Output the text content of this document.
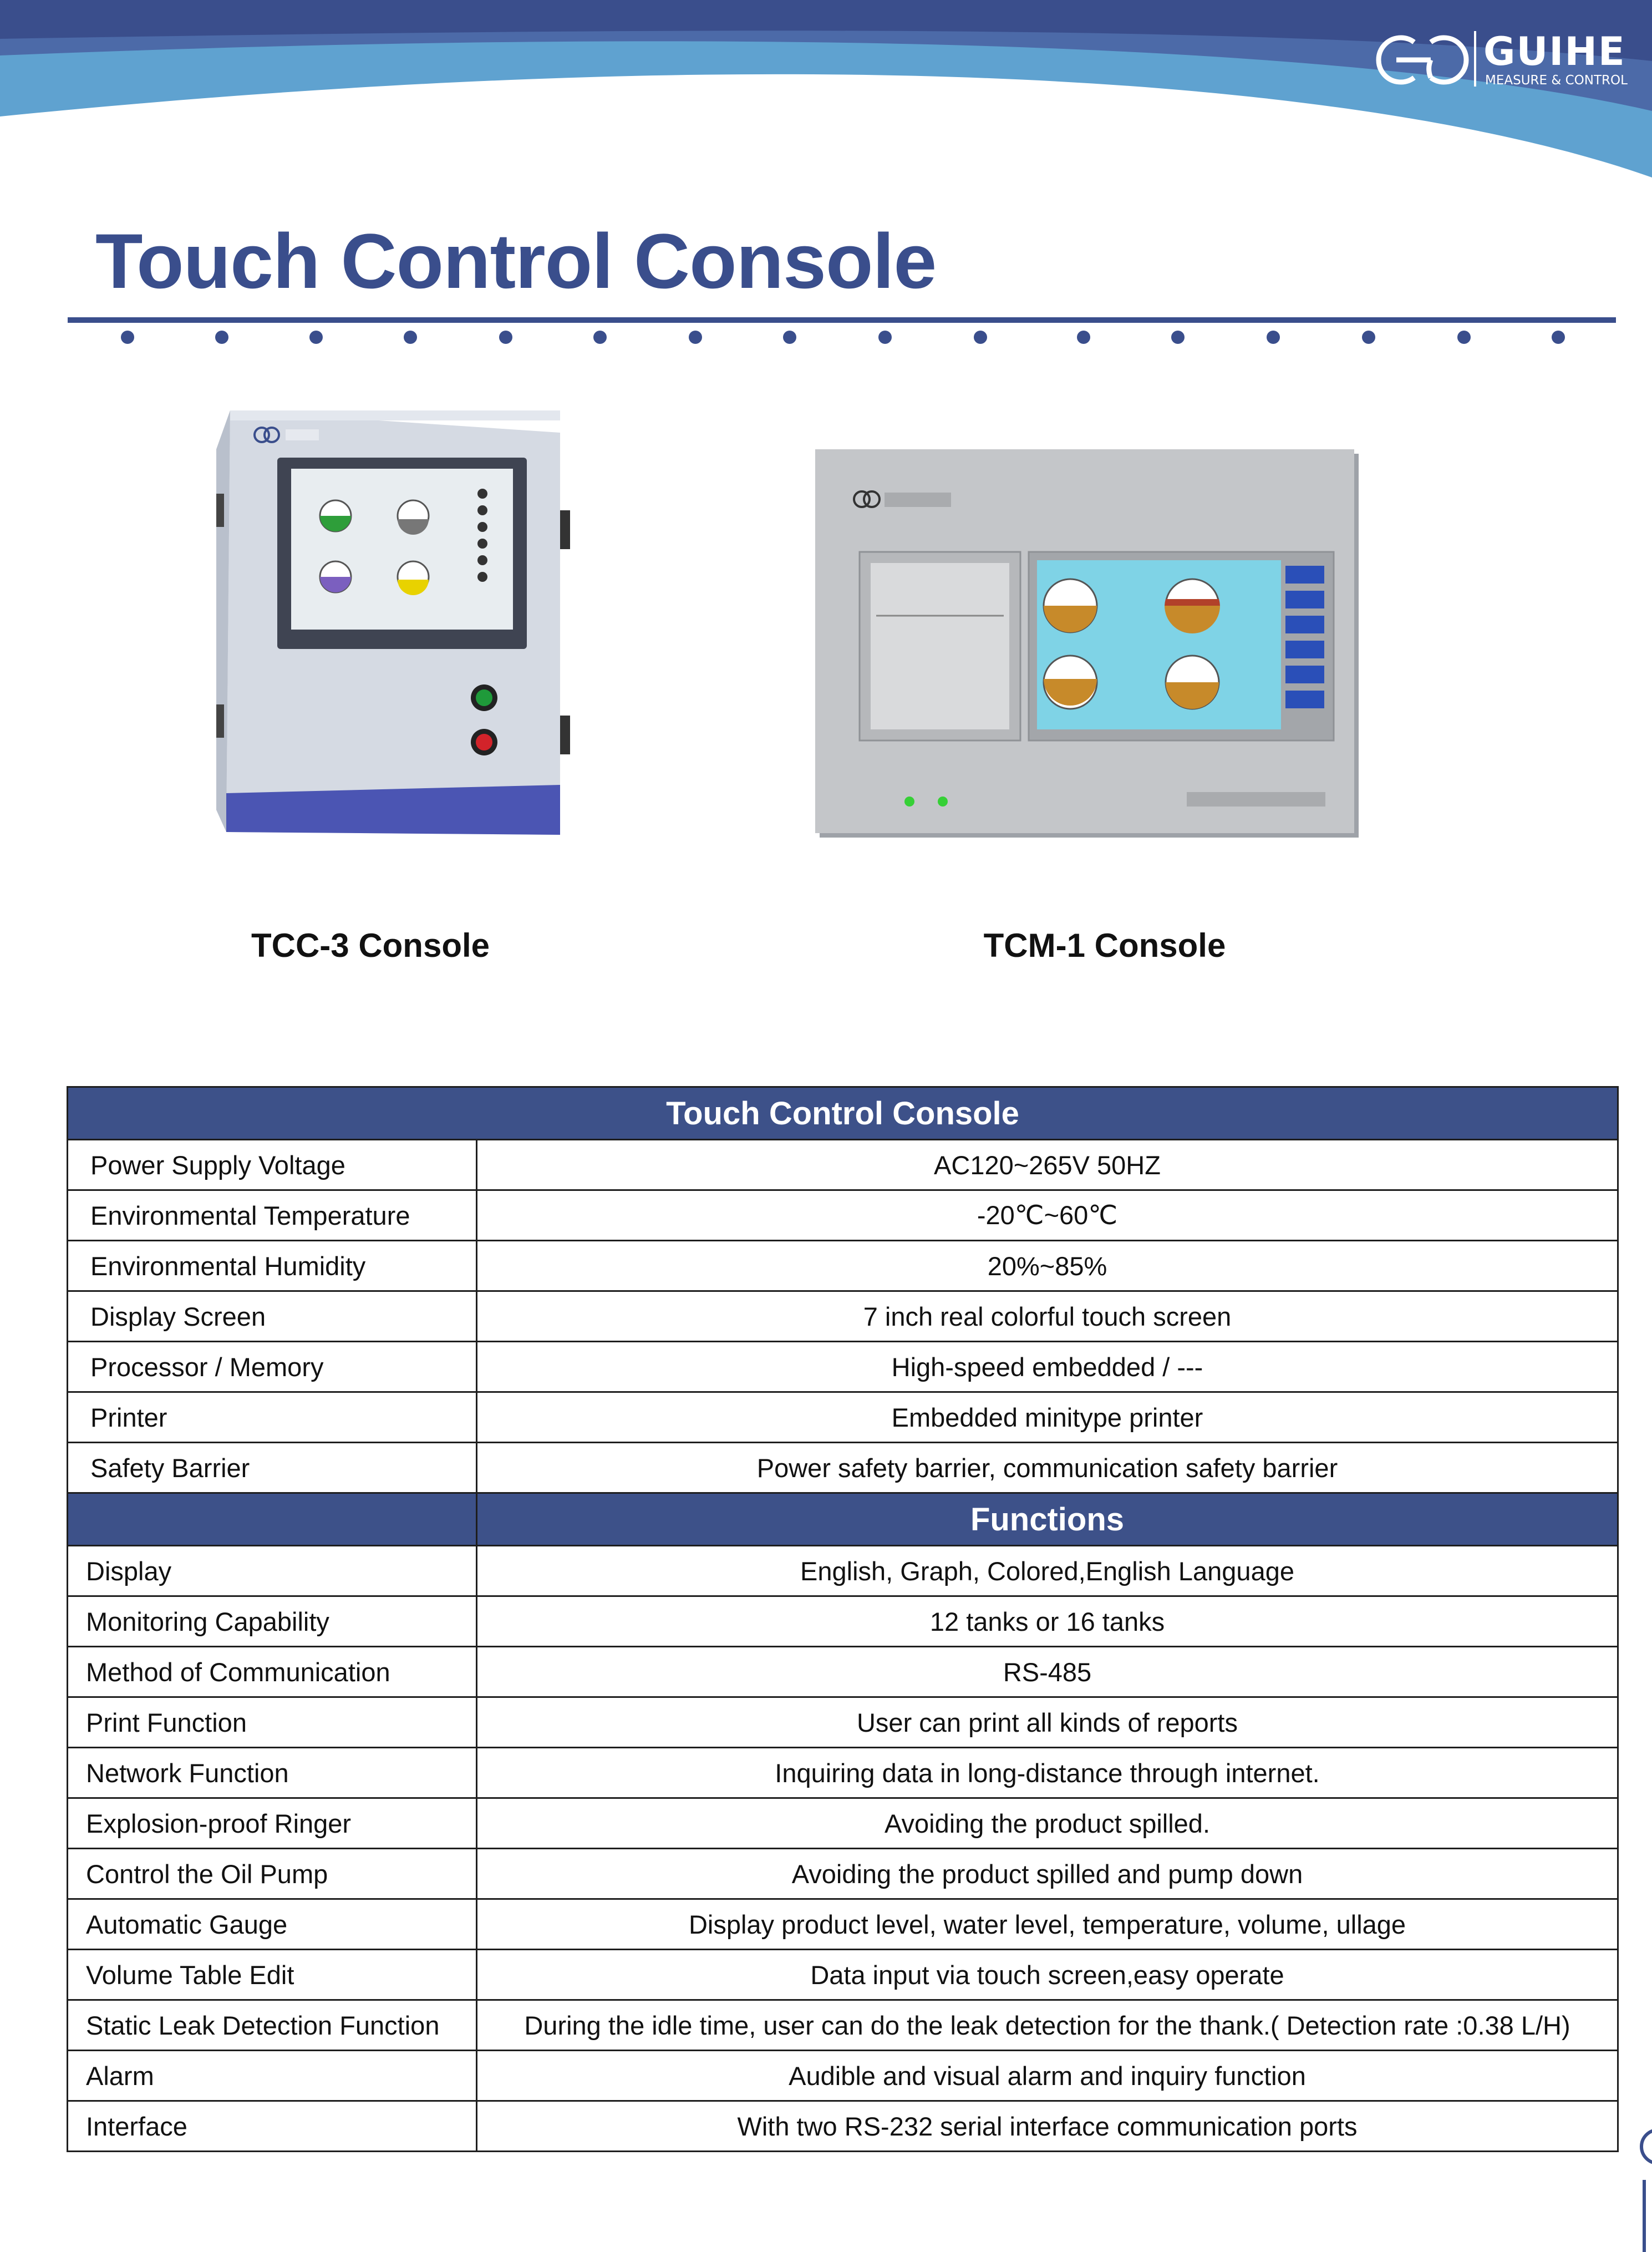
GUIHE
MEASURE & CONTROL
Touch Control Console
TCC-3 Console	TCM-1 Console
Touch Control Console	
Power Supply Voltage	AC120~265V 50HZ
Environmental Temperature	-20℃~60℃
Environmental Humidity	20%~85%
Display Screen	7 inch real colorful touch screen
Processor / Memory	High-speed embedded / ---
Printer	Embedded minitype printer
Safety Barrier	Power safety barrier, communication safety barrier
	Functions
Display	English, Graph, Colored,English Language
Monitoring Capability	12 tanks or 16 tanks
Method of Communication	RS-485
Print Function	User can print all kinds of reports
Network Function	Inquiring data in long-distance through internet.
Explosion-proof Ringer	Avoiding the product spilled.
Control the Oil Pump	Avoiding the product spilled and pump down
Automatic Gauge	Display product level, water level, temperature, volume, ullage
Volume Table Edit	Data input via touch screen,easy operate
Static Leak Detection Function	During the idle time, user can do the leak detection for the thank.( Detection rate :0.38 L/H)
Alarm	Audible and visual alarm and inquiry function
Interface	With two RS-232 serial interface communication ports
